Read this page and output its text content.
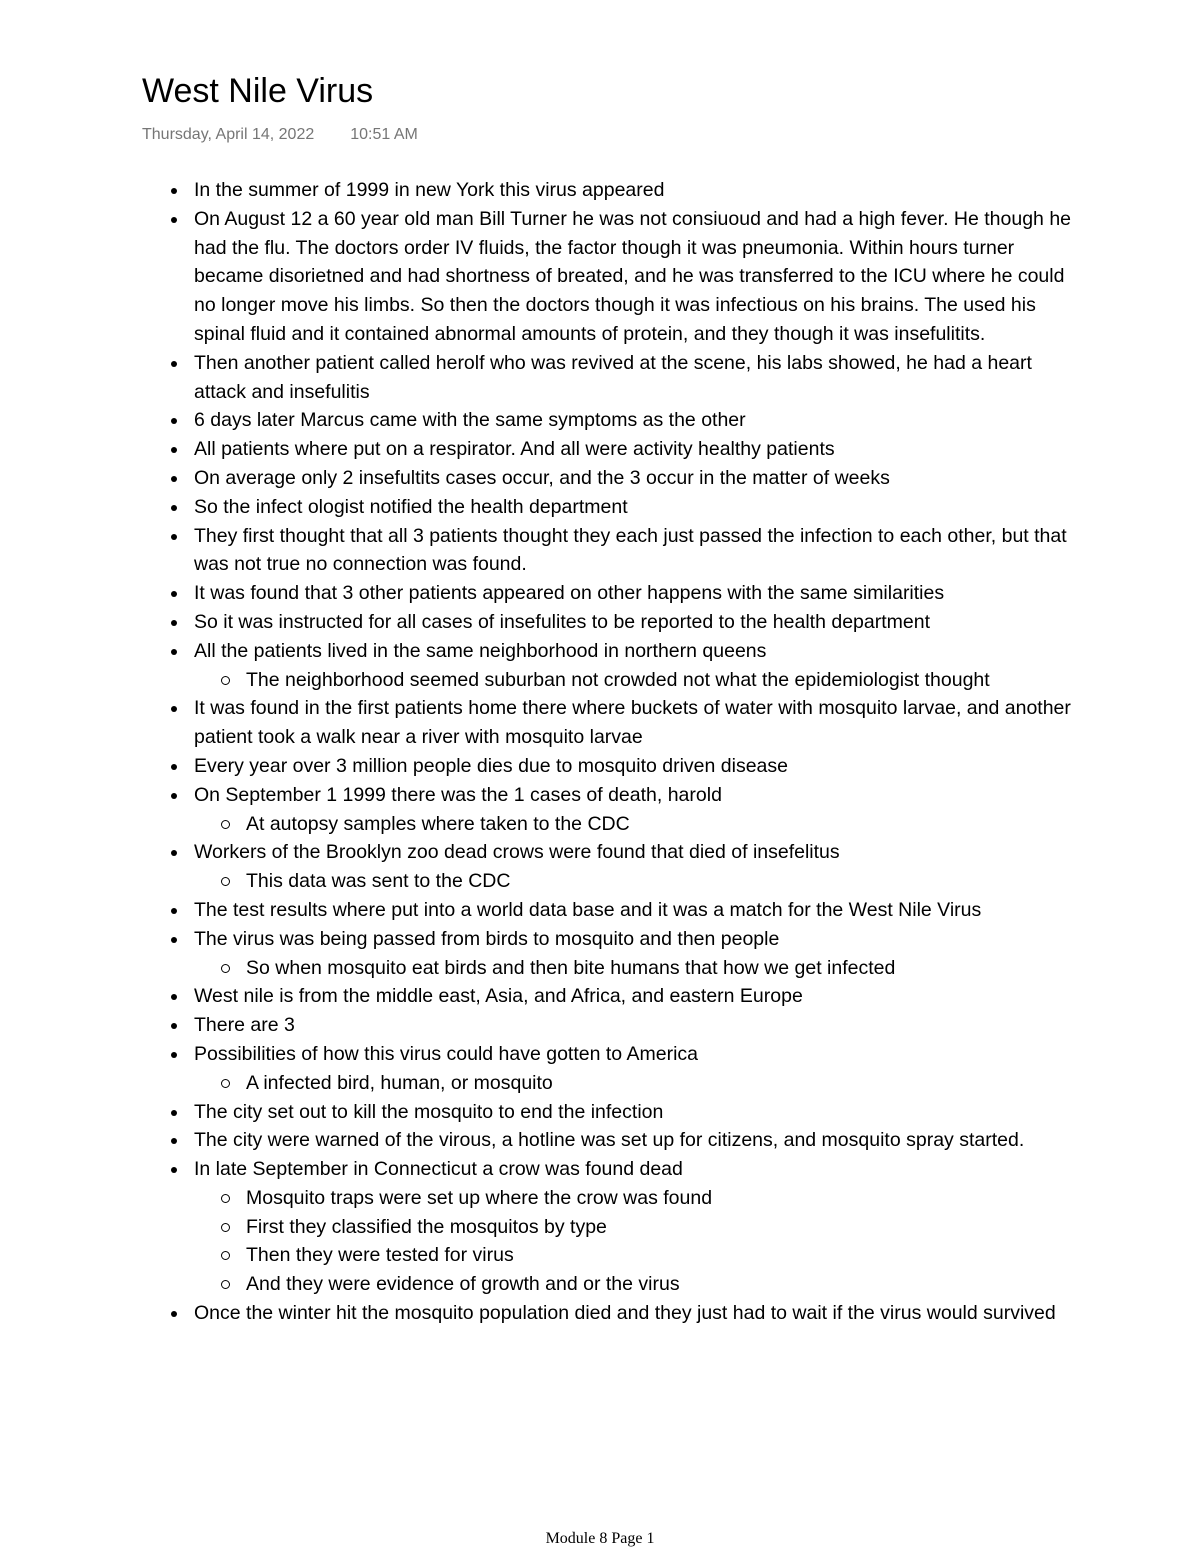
West Nile Virus
Thursday, April 14, 2022 10:51 AM
In the summer of 1999 in new York this virus appeared
On August 12 a 60 year old man Bill Turner he was not consiuoud and had a high fever. He though he had the flu. The doctors order IV fluids, the factor though it was pneumonia. Within hours turner became disorietned and had shortness of breated, and he was transferred to the ICU where he could no longer move his limbs. So then the doctors though it was infectious on his brains. The used his spinal fluid and it contained abnormal amounts of protein, and they though it was insefulitits.
Then another patient called herolf who was revived at the scene, his labs showed, he had a heart attack and insefulitis
6 days later Marcus came with the same symptoms as the other
All patients where put on a respirator. And all were activity healthy patients
On average only 2 insefultits cases occur, and the 3 occur in the matter of weeks
So the infect ologist notified the health department
They first thought that all 3 patients thought they each just passed the infection to each other, but that was not true no connection was found.
It was found that 3 other patients appeared on other happens with the same similarities
So it was instructed for all cases of insefulites to be reported to the health department
All the patients lived in the same neighborhood in northern queens
The neighborhood seemed suburban not crowded not what the epidemiologist thought
It was found in the first patients home there where buckets of water with mosquito larvae, and another patient took a walk near a river with mosquito larvae
Every year over 3 million people dies due to mosquito driven disease
On September 1 1999 there was the 1 cases of death, harold
At autopsy samples where taken to the CDC
Workers of the Brooklyn zoo dead crows were found that died of insefelitus
This data was sent to the CDC
The test results where put into a world data base and it was a match for the West Nile Virus
The virus was being passed from birds to mosquito and then people
So when mosquito eat birds and then bite humans that how we get infected
West nile is from the middle east, Asia, and Africa, and eastern Europe
There are 3
Possibilities of how this virus could have gotten to America
A infected bird, human, or mosquito
The city set out to kill the mosquito to end the infection
The city were warned of the virous, a hotline was set up for citizens, and mosquito spray started.
In late September in Connecticut a crow was found dead
Mosquito traps were set up where the crow was found
First they classified the mosquitos by type
Then they were tested for virus
And they were evidence of growth and or the virus
Once the winter hit the mosquito population died and they just had to wait if the virus would survived
Module 8 Page 1
